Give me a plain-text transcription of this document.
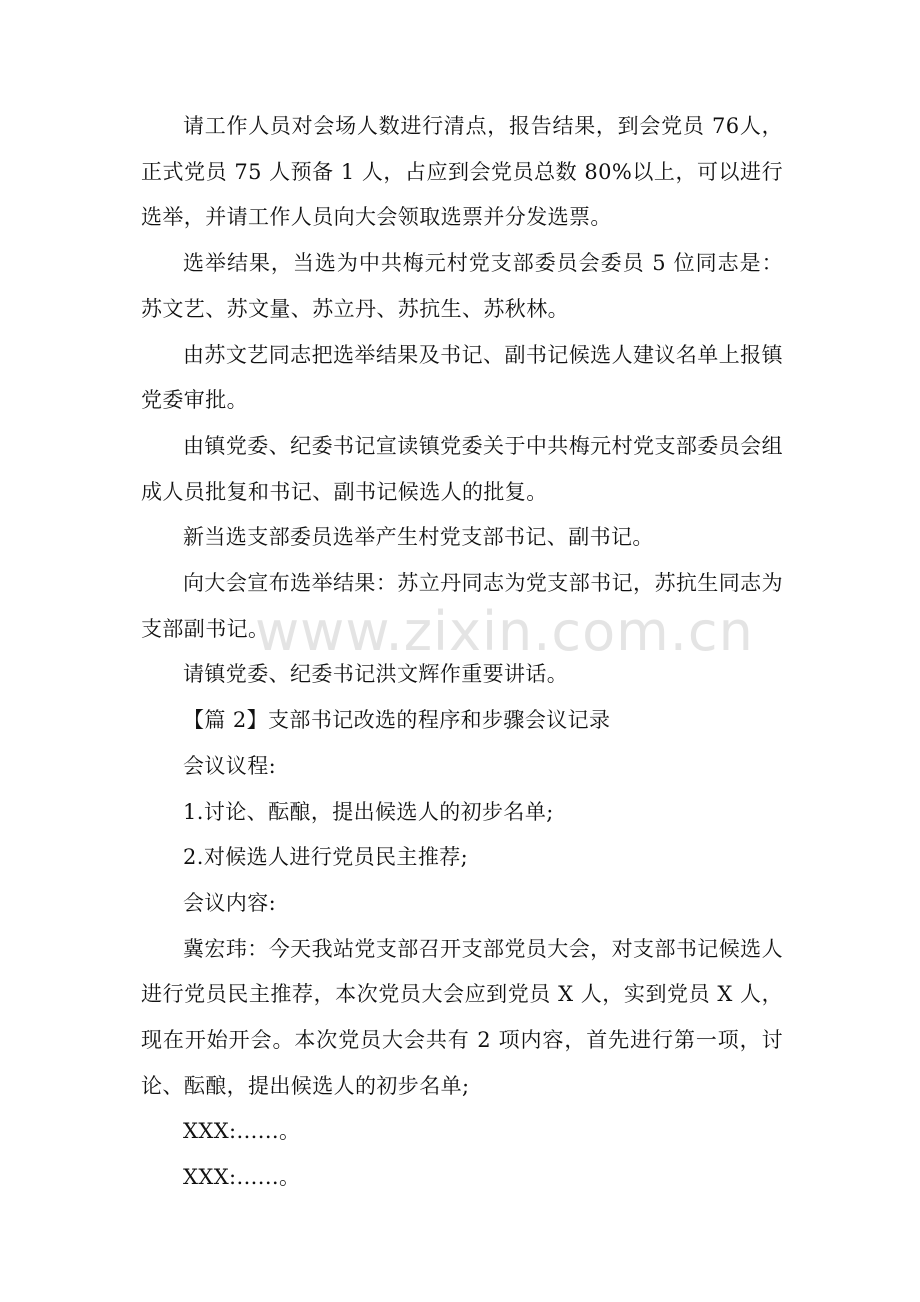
请工作人员对会场人数进行清点，报告结果，到会党员 76人，正式党员 75 人预备 1 人，占应到会党员总数 80%以上，可以进行选举，并请工作人员向大会领取选票并分发选票。

选举结果，当选为中共梅元村党支部委员会委员 5 位同志是：苏文艺、苏文量、苏立丹、苏抗生、苏秋林。

由苏文艺同志把选举结果及书记、副书记候选人建议名单上报镇党委审批。

由镇党委、纪委书记宣读镇党委关于中共梅元村党支部委员会组成人员批复和书记、副书记候选人的批复。

新当选支部委员选举产生村党支部书记、副书记。

向大会宣布选举结果：苏立丹同志为党支部书记，苏抗生同志为支部副书记。

请镇党委、纪委书记洪文辉作重要讲话。

【篇 2】支部书记改选的程序和步骤会议记录

会议议程:

1.讨论、酝酿，提出候选人的初步名单;

2.对候选人进行党员民主推荐;

会议内容:

冀宏玮：今天我站党支部召开支部党员大会，对支部书记候选人进行党员民主推荐，本次党员大会应到党员 X 人，实到党员 X 人，现在开始开会。本次党员大会共有 2 项内容，首先进行第一项，讨论、酝酿，提出候选人的初步名单;

XXX:......。

XXX:......。

www.zixin.com.cn
